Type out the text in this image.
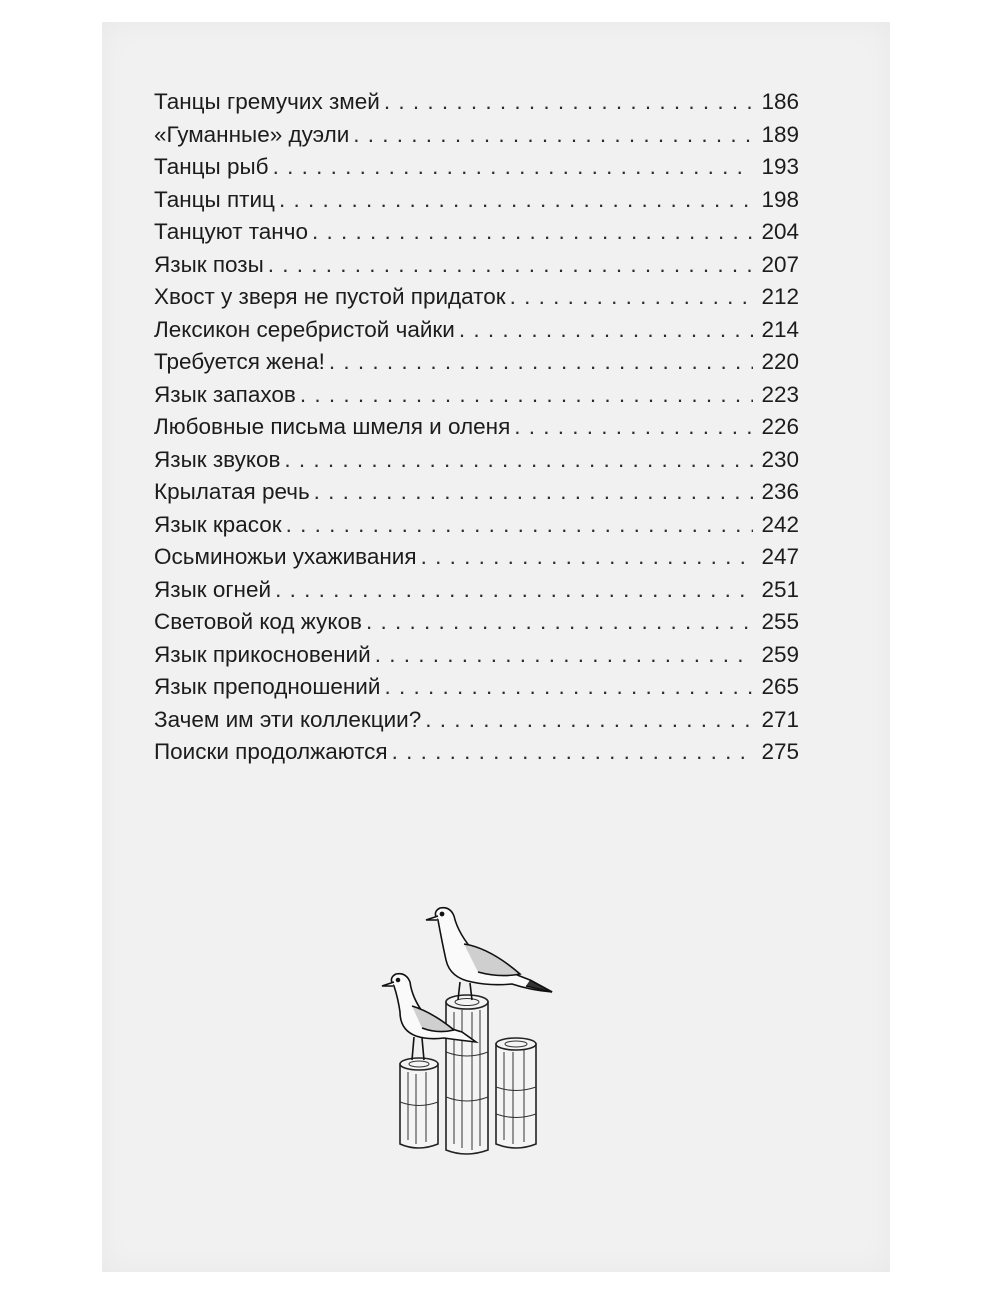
Танцы гремучих змей . . .	186
«Гуманные» дуэли . . .	189
Танцы рыб . . .	193
Танцы птиц . . .	198
Танцуют танчо . . .	204
Язык позы . . .	207
Хвост у зверя не пустой придаток . . .	212
Лексикон серебристой чайки . . .	214
Требуется жена! . . .	220
Язык запахов . . .	223
Любовные письма шмеля и оленя . . .	226
Язык звуков . . .	230
Крылатая речь . . .	236
Язык красок . . .	242
Осьминожьи ухаживания . . .	247
Язык огней . . .	251
Световой код жуков . . .	255
Язык прикосновений . . .	259
Язык преподношений . . .	265
Зачем им эти коллекции? . . .	271
Поиски продолжаются . . .	275
